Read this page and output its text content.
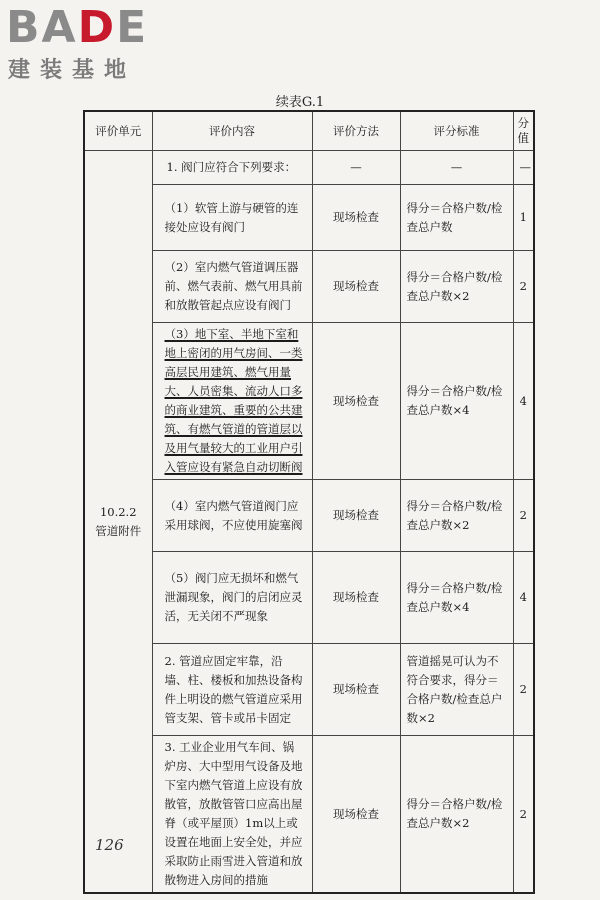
BADE
建装基地
续表G.1
评价单元	评价内容	评价方法	评分标准	分值

10.2.2
管道附件	1. 阀门应符合下列要求：	—	—	—
	（1）软管上游与硬管的连接处应设有阀门	现场检查	得分＝合格户数/检查总户数	1
	（2）室内燃气管道调压器前、燃气表前、燃气用具前和放散管起点应设有阀门	现场检查	得分＝合格户数/检查总户数×2	2
	（3）地下室、半地下室和地上密闭的用气房间、一类高层民用建筑、燃气用量大、人员密集、流动人口多的商业建筑、重要的公共建筑、有燃气管道的管道层以及用气量较大的工业用户引入管应设有紧急自动切断阀	现场检查	得分＝合格户数/检查总户数×4	4
	（4）室内燃气管道阀门应采用球阀，不应使用旋塞阀	现场检查	得分＝合格户数/检查总户数×2	2
	（5）阀门应无损坏和燃气泄漏现象，阀门的启闭应灵活，无关闭不严现象	现场检查	得分＝合格户数/检查总户数×4	4
	2. 管道应固定牢靠，沿墙、柱、楼板和加热设备构件上明设的燃气管道应采用管支架、管卡或吊卡固定	现场检查	管道摇晃可认为不符合要求，得分＝合格户数/检查总户数×2	2
	3. 工业企业用气车间、锅炉房、大中型用气设备及地下室内燃气管道上应设有放散管，放散管管口应高出屋脊（或平屋顶）1m以上或设置在地面上安全处，并应采取防止雨雪进入管道和放散物进入房间的措施	现场检查	得分＝合格户数/检查总户数×2	2
126
